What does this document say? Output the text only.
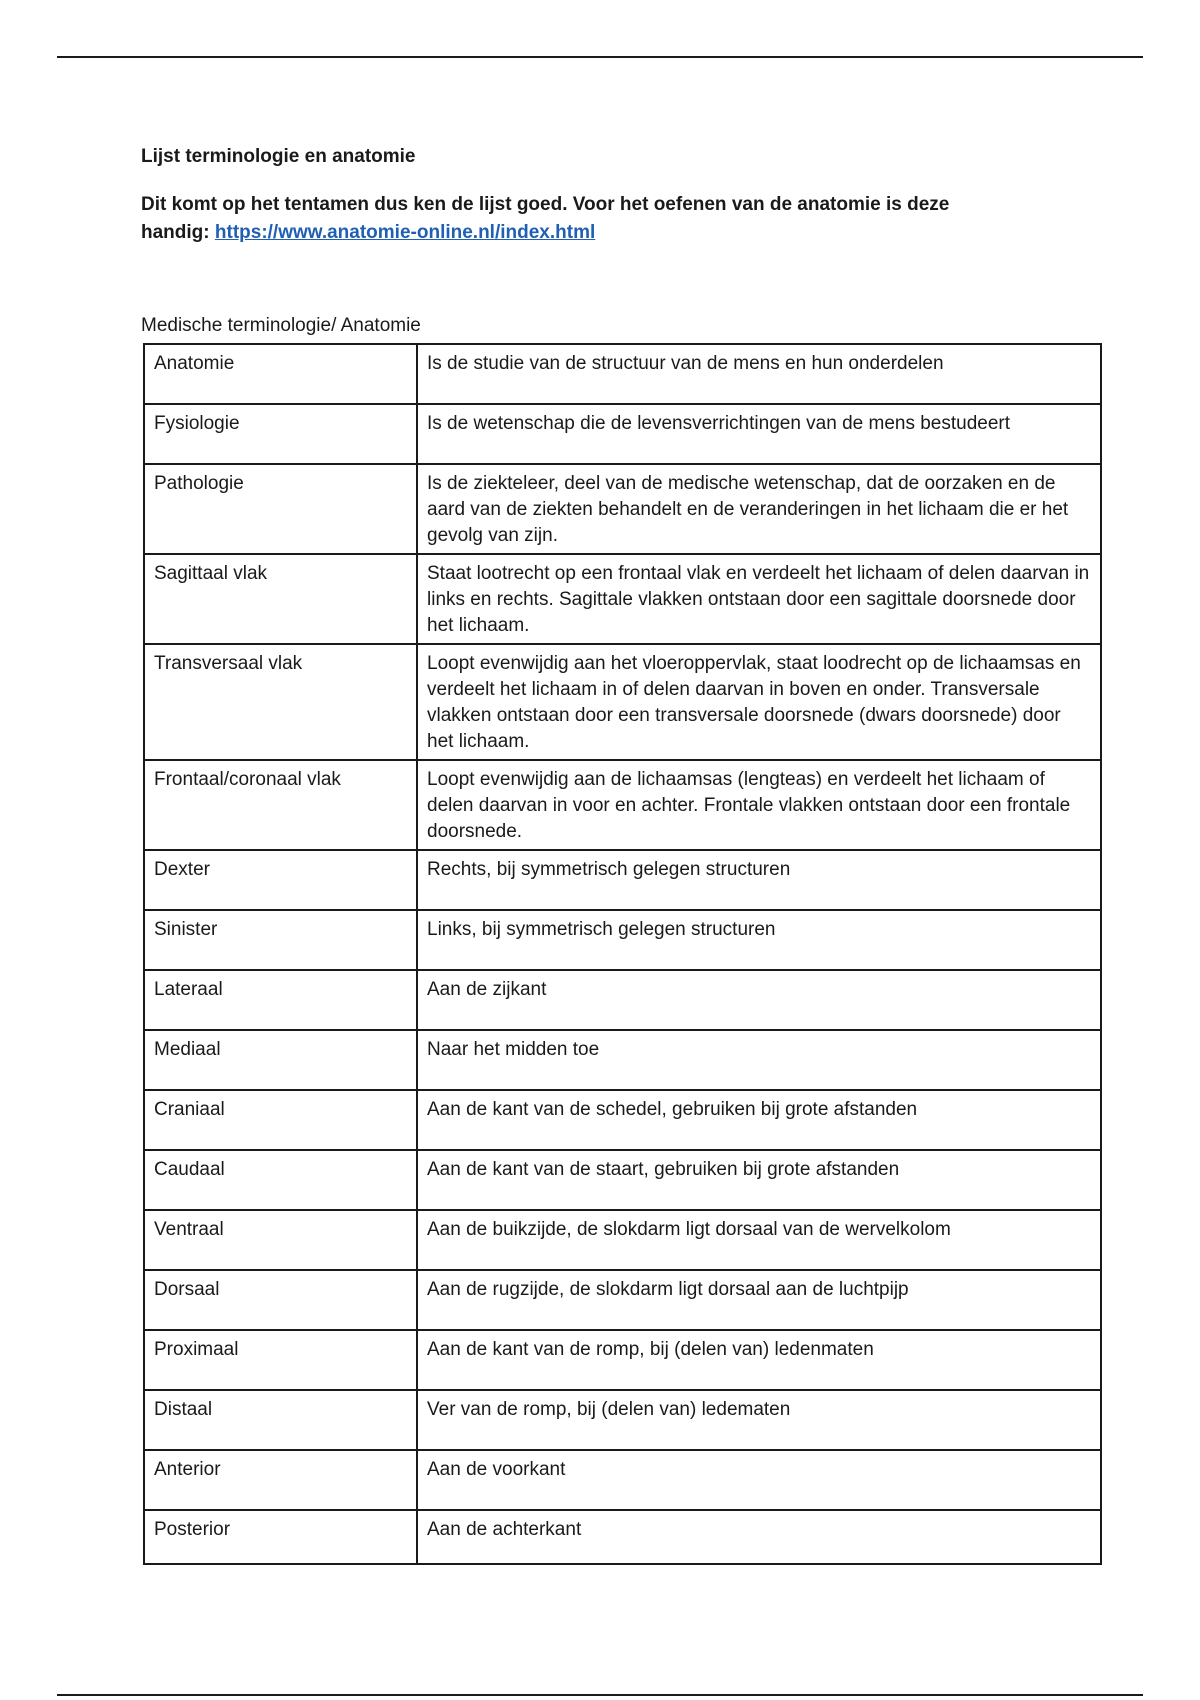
Lijst terminologie en anatomie

Dit komt op het tentamen dus ken de lijst goed. Voor het oefenen van de anatomie is deze handig: https://www.anatomie-online.nl/index.html

Medische terminologie/ Anatomie

Anatomie	Is de studie van de structuur van de mens en hun onderdelen
Fysiologie	Is de wetenschap die de levensverrichtingen van de mens bestudeert
Pathologie	Is de ziekteleer, deel van de medische wetenschap, dat de oorzaken en de aard van de ziekten behandelt en de veranderingen in het lichaam die er het gevolg van zijn.
Sagittaal vlak	Staat lootrecht op een frontaal vlak en verdeelt het lichaam of delen daarvan in links en rechts. Sagittale vlakken ontstaan door een sagittale doorsnede door het lichaam.
Transversaal vlak	Loopt evenwijdig aan het vloeroppervlak, staat loodrecht op de lichaamsas en verdeelt het lichaam in of delen daarvan in boven en onder. Transversale vlakken ontstaan door een transversale doorsnede (dwars doorsnede) door het lichaam.
Frontaal/coronaal vlak	Loopt evenwijdig aan de lichaamsas (lengteas) en verdeelt het lichaam of delen daarvan in voor en achter. Frontale vlakken ontstaan door een frontale doorsnede.
Dexter	Rechts, bij symmetrisch gelegen structuren
Sinister	Links, bij symmetrisch gelegen structuren
Lateraal	Aan de zijkant
Mediaal	Naar het midden toe
Craniaal	Aan de kant van de schedel, gebruiken bij grote afstanden
Caudaal	Aan de kant van de staart, gebruiken bij grote afstanden
Ventraal	Aan de buikzijde, de slokdarm ligt dorsaal van de wervelkolom
Dorsaal	Aan de rugzijde, de slokdarm ligt dorsaal aan de luchtpijp
Proximaal	Aan de kant van de romp, bij (delen van) ledenmaten
Distaal	Ver van de romp, bij (delen van) ledematen
Anterior	Aan de voorkant
Posterior	Aan de achterkant
